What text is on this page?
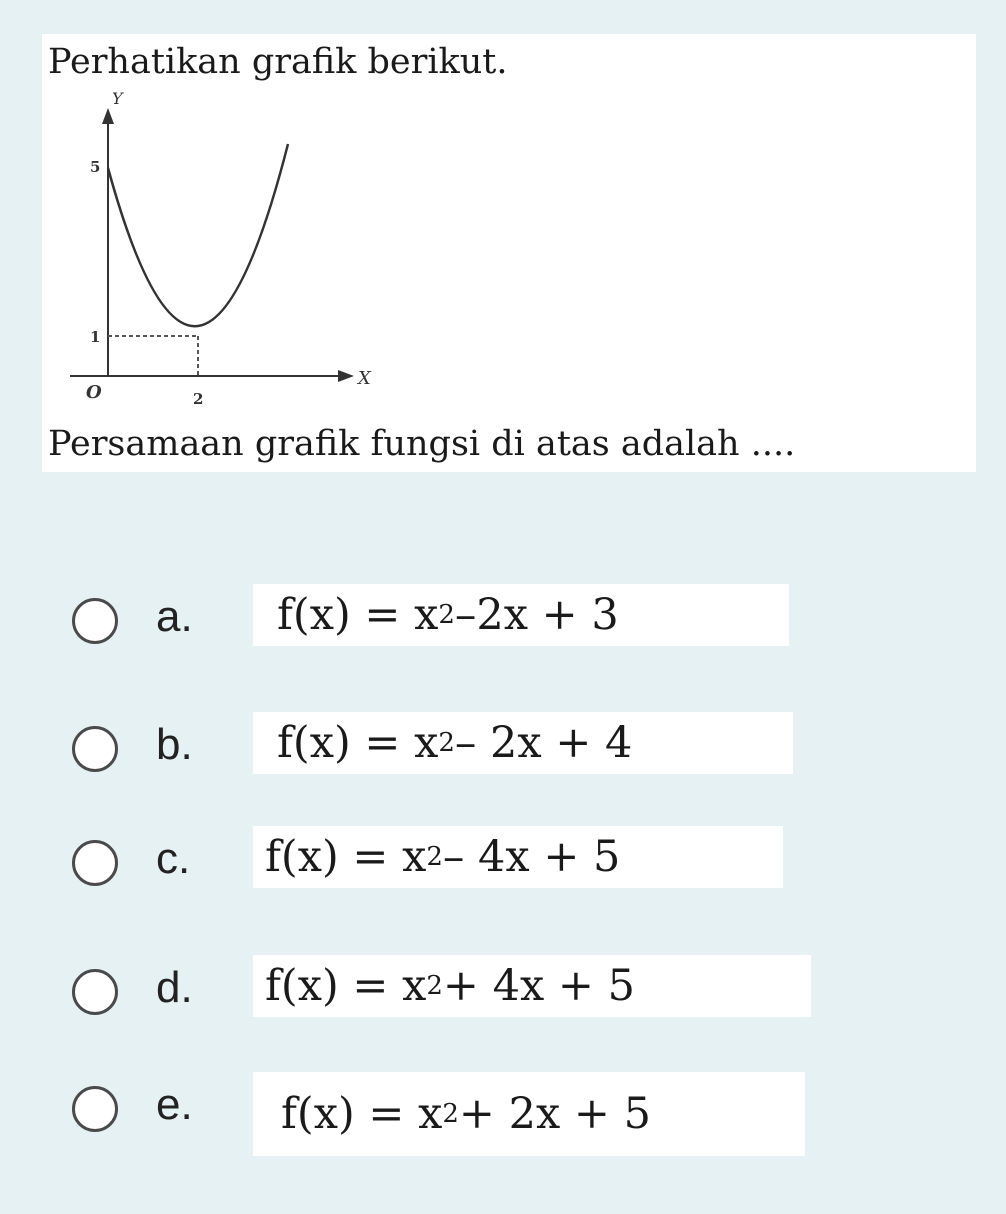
Perhatikan grafik berikut.
Y
X
5
1
O	2
Persamaan grafik fungsi di atas adalah ....
a. f(x) = x 2 –2x + 3
b. f(x) = x 2 – 2x + 4
c. f(x) = x 2 – 4x + 5
d. f(x) = x 2 + 4x + 5
e. f(x) = x 2 + 2x + 5
